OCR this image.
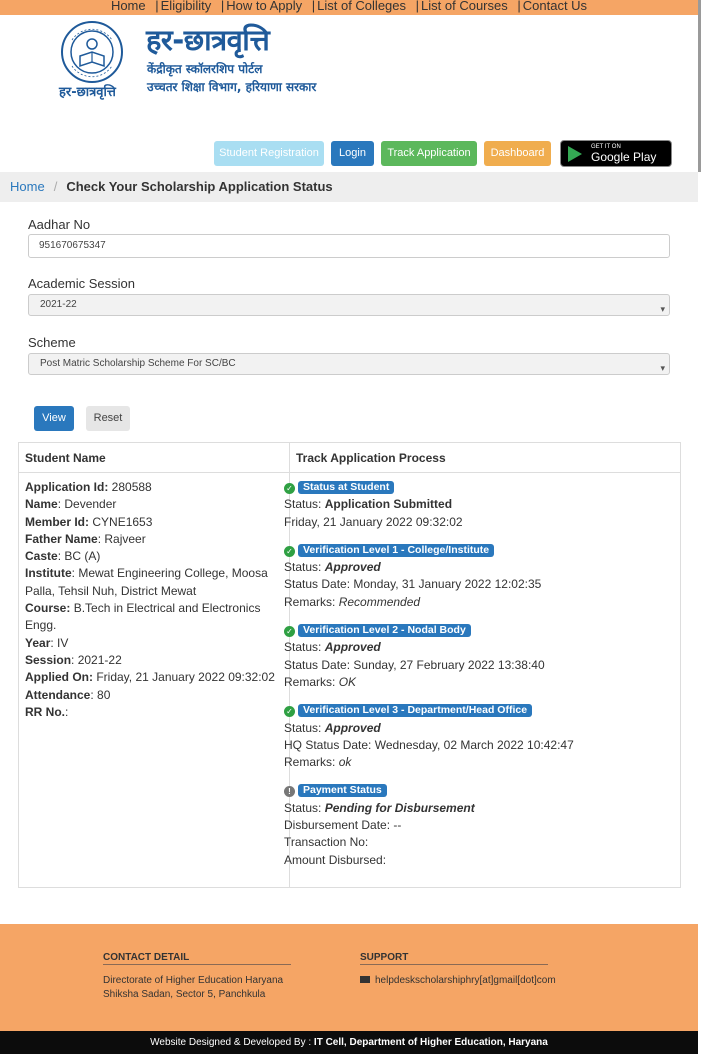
Home | Eligibility | How to Apply | List of Colleges | List of Courses | Contact Us
हर-छात्रवृत्ति
हर-छात्रवृत्ति
केंद्रीकृत स्कॉलरशिप पोर्टल
उच्चतर शिक्षा विभाग, हरियाणा सरकार
Student Registration	Login	Track Application	Dashboard	GET IT ON
Google Play
Home / Check Your Scholarship Application Status
Aadhar No
951670675347
Academic Session
2021-22	▾
Scheme
Post Matric Scholarship Scheme For SC/BC	▾
View	Reset
Student Name	Track Application Process
Application Id: 280588
Name: Devender
Member Id: CYNE1653
Father Name: Rajveer
Caste: BC (A)
Institute: Mewat Engineering College, Moosa Palla, Tehsil Nuh, District Mewat
Course: B.Tech in Electrical and Electronics Engg.
Year: IV
Session: 2021-22
Applied On: Friday, 21 January 2022 09:32:02
Attendance: 80
RR No.:
✓ Status at Student
Status: Application Submitted
Friday, 21 January 2022 09:32:02
✓ Verification Level 1 - College/Institute
Status: Approved
Status Date: Monday, 31 January 2022 12:02:35
Remarks: Recommended
✓ Verification Level 2 - Nodal Body
Status: Approved
Status Date: Sunday, 27 February 2022 13:38:40
Remarks: OK
✓ Verification Level 3 - Department/Head Office
Status: Approved
HQ Status Date: Wednesday, 02 March 2022 10:42:47
Remarks: ok
! Payment Status
Status: Pending for Disbursement
Disbursement Date: --
Transaction No:
Amount Disbursed:
CONTACT DETAIL
Directorate of Higher Education Haryana
Shiksha Sadan, Sector 5, Panchkula
SUPPORT
helpdeskscholarshiphry[at]gmail[dot]com
Website Designed & Developed By : IT Cell, Department of Higher Education, Haryana
